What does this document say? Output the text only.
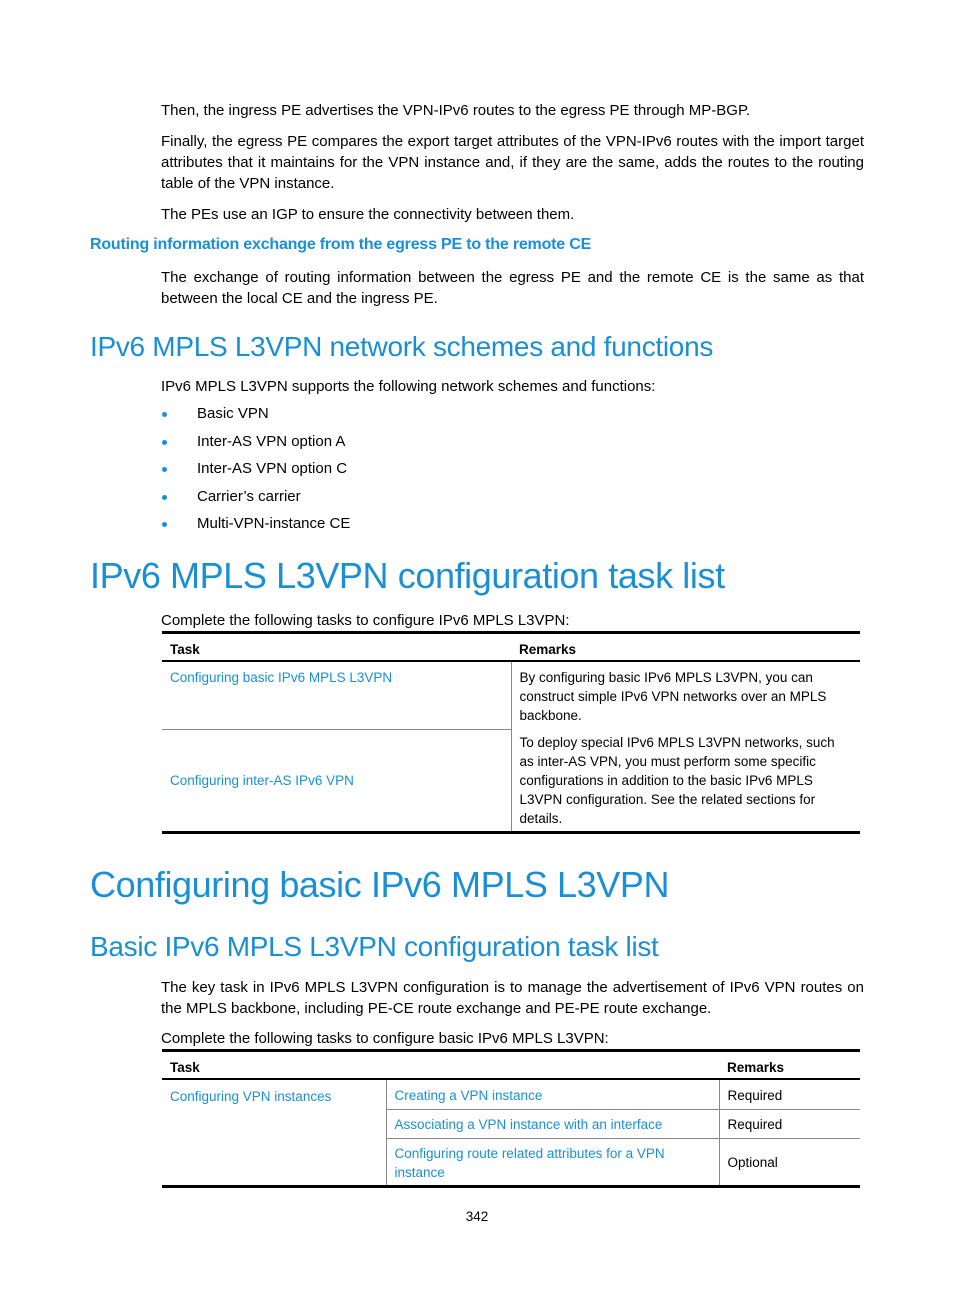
Then, the ingress PE advertises the VPN-IPv6 routes to the egress PE through MP-BGP.

Finally, the egress PE compares the export target attributes of the VPN-IPv6 routes with the import target attributes that it maintains for the VPN instance and, if they are the same, adds the routes to the routing table of the VPN instance.

The PEs use an IGP to ensure the connectivity between them.

Routing information exchange from the egress PE to the remote CE

The exchange of routing information between the egress PE and the remote CE is the same as that between the local CE and the ingress PE.

IPv6 MPLS L3VPN network schemes and functions

IPv6 MPLS L3VPN supports the following network schemes and functions:

Basic VPN
Inter-AS VPN option A
Inter-AS VPN option C
Carrier’s carrier
Multi-VPN-instance CE
IPv6 MPLS L3VPN configuration task list

Complete the following tasks to configure IPv6 MPLS L3VPN:

Task	Remarks
Configuring basic IPv6 MPLS L3VPN	By configuring basic IPv6 MPLS L3VPN, you can construct simple IPv6 VPN networks over an MPLS backbone.
Configuring inter-AS IPv6 VPN	To deploy special IPv6 MPLS L3VPN networks, such as inter-AS VPN, you must perform some specific configurations in addition to the basic IPv6 MPLS L3VPN configuration. See the related sections for details.
Configuring basic IPv6 MPLS L3VPN
Basic IPv6 MPLS L3VPN configuration task list

The key task in IPv6 MPLS L3VPN configuration is to manage the advertisement of IPv6 VPN routes on the MPLS backbone, including PE-CE route exchange and PE-PE route exchange.

Complete the following tasks to configure basic IPv6 MPLS L3VPN:

Task		Remarks
Configuring VPN instances	Creating a VPN instance	Required
	Associating a VPN instance with an interface	Required
	Configuring route related attributes for a VPN instance	Optional
342
